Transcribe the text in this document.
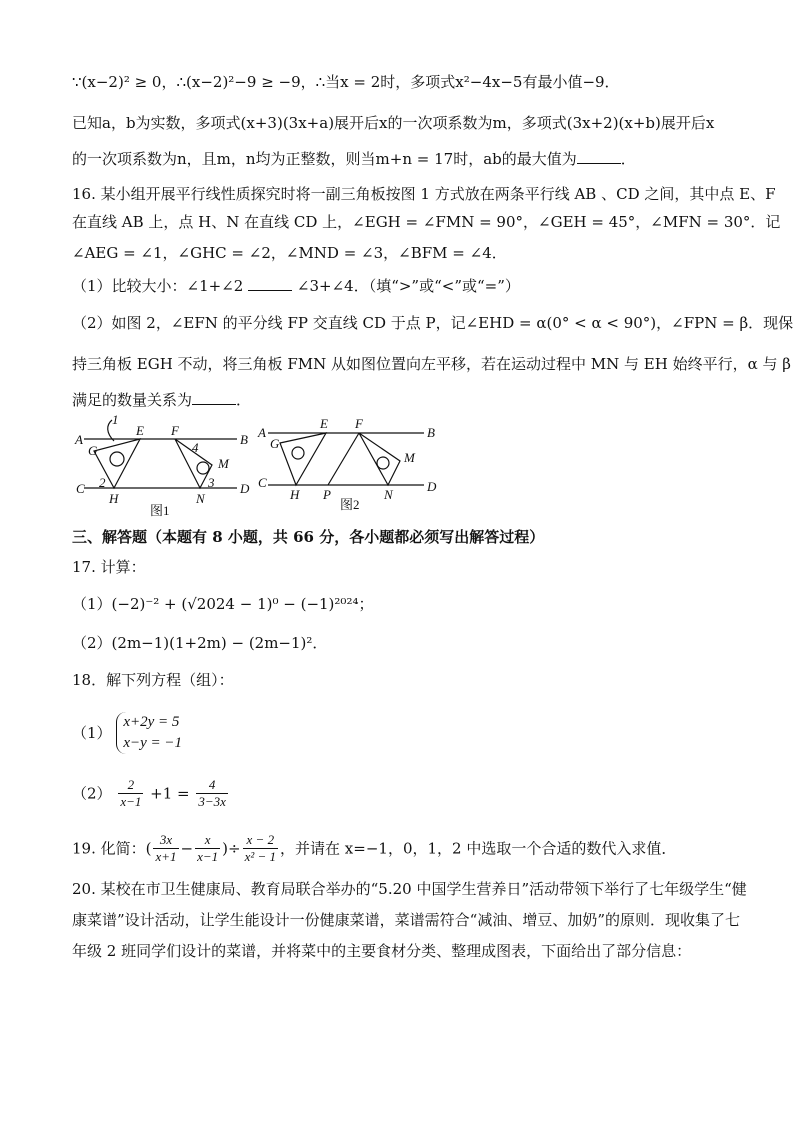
∵(x−2)² ≥ 0，∴(x−2)²−9 ≥ −9，∴当x = 2时，多项式x²−4x−5有最小值−9．
已知a，b为实数，多项式(x+3)(3x+a)展开后x的一次项系数为m，多项式(3x+2)(x+b)展开后x
的一次项系数为n，且m，n均为正整数，则当m+n = 17时，ab的最大值为	．
16. 某小组开展平行线性质探究时将一副三角板按图 1 方式放在两条平行线 AB 、CD 之间，其中点 E、F
在直线 AB 上，点 H、N 在直线 CD 上，∠EGH = ∠FMN = 90°，∠GEH = 45°，∠MFN = 30°．记
∠AEG = ∠1，∠GHC = ∠2，∠MND = ∠3，∠BFM = ∠4．
（1）比较大小：∠1+∠2	∠3+∠4．（填“>”或“<”或“=”）
（2）如图 2，∠EFN 的平分线 FP 交直线 CD 于点 P，记∠EHD = α(0° < α < 90°)，∠FPN = β．现保
持三角板 EGH 不动，将三角板 FMN 从如图位置向左平移，若在运动过程中 MN 与 EH 始终平行，α 与 β
满足的数量关系为	．
A
E F
B
G
1
4
M
C 2	3 D
H	N
图1
A
G
E F
B
M
C
H P	N
D
图2
三、解答题（本题有 8 小题，共 66 分，各小题都必须写出解答过程）
17. 计算：
（1）(−2)⁻² + (√2024 − 1)⁰ − (−1)²⁰²⁴；
（2）(2m−1)(1+2m) − (2m−1)²．
18．解下列方程（组）：
（1）
x+2y = 5
x−y = −1
$(2) \frac{2}{x-1} +1 = \frac{4}{3-3x}$
19. 化简：( $\frac{3x}{x+1} - \frac{x}{x-1}$ )÷ $\frac{x - 2}{\text{x² − 1}}$ ，并请在 x=−1，0，1，2 中选取一个合适的数代入求值．
20. 某校在市卫生健康局、教育局联合举办的“5.20 中国学生营养日”活动带领下举行了七年级学生“健
康菜谱”设计活动，让学生能设计一份健康菜谱，菜谱需符合“减油、增豆、加奶”的原则．现收集了七
年级 2 班同学们设计的菜谱，并将菜中的主要食材分类、整理成图表，下面给出了部分信息：
